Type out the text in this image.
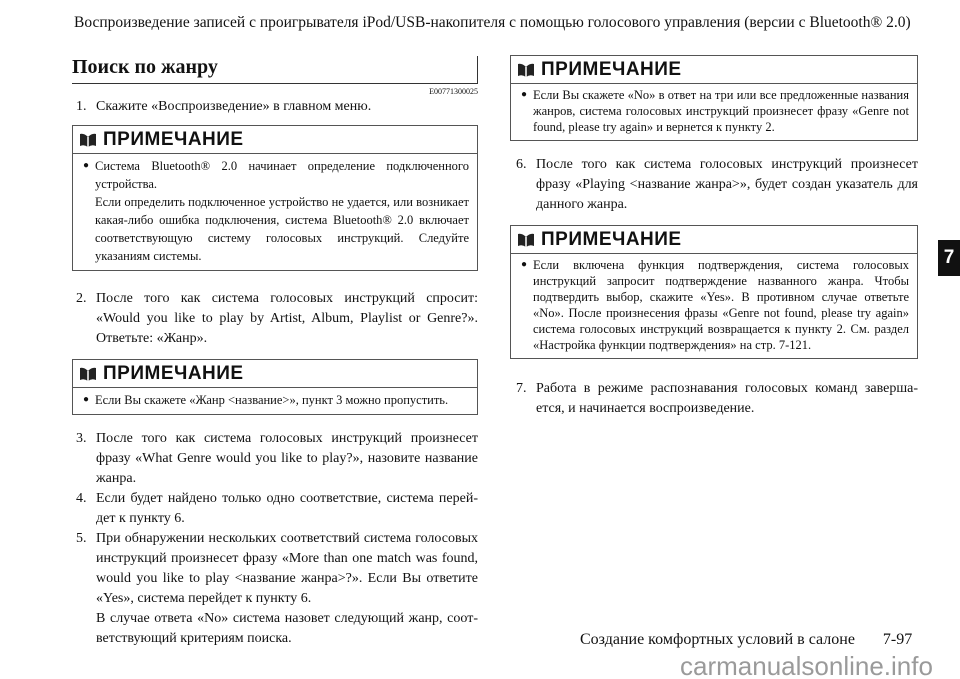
Воспроизведение записей с проигрывателя iPod/USB-накопителя с помощью голосового управления (версии с Bluetooth® 2.0)
Поиск по жанру
E00771300025
1. Скажите «Воспроизведение» в главном меню.
ПРИМЕЧАНИЕ
● Система Bluetooth® 2.0 начинает определение подключенного устройства.
Если определить подключенное устройство не удается, или возникает какая-либо ошибка подключения, система Bluetooth® 2.0 включает соответствующую систему голосовых инструкций. Следуйте указаниям системы.
2. После того как система голосовых инструкций спросит: «Would you like to play by Artist, Album, Playlist or Genre?». Ответьте: «Жанр».
ПРИМЕЧАНИЕ
● Если Вы скажете «Жанр <название>», пункт 3 можно пропустить.
3. После того как система голосовых инструкций произнесет фразу «What Genre would you like to play?», назовите название жанра.
4. Если будет найдено только одно соответствие, система перейдет к пункту 6.
5. При обнаружении нескольких соответствий система голосовых инструкций произнесет фразу «More than one match was found, would you like to play <название жанра>?». Если Вы ответите «Yes», система перейдет к пункту 6.
В случае ответа «No» система назовет следующий жанр, соответствующий критериям поиска.
ПРИМЕЧАНИЕ
● Если Вы скажете «No» в ответ на три или все предложенные названия жанров, система голосовых инструкций произнесет фразу «Genre not found, please try again» и вернется к пункту 2.
6. После того как система голосовых инструкций произнесет фразу «Playing <название жанра>», будет создан указатель для данного жанра.
ПРИМЕЧАНИЕ
● Если включена функция подтверждения, система голосовых инструкций запросит подтверждение названного жанра. Чтобы подтвердить выбор, скажите «Yes». В противном случае ответьте «No». После произнесения фразы «Genre not found, please try again» система голосовых инструкций возвращается к пункту 2. См. раздел «Настройка функции подтверждения» на стр. 7-121.
7. Работа в режиме распознавания голосовых команд завершается, и начинается воспроизведение.
7
Создание комфортных условий в салоне 7-97
carmanualsonline.info
